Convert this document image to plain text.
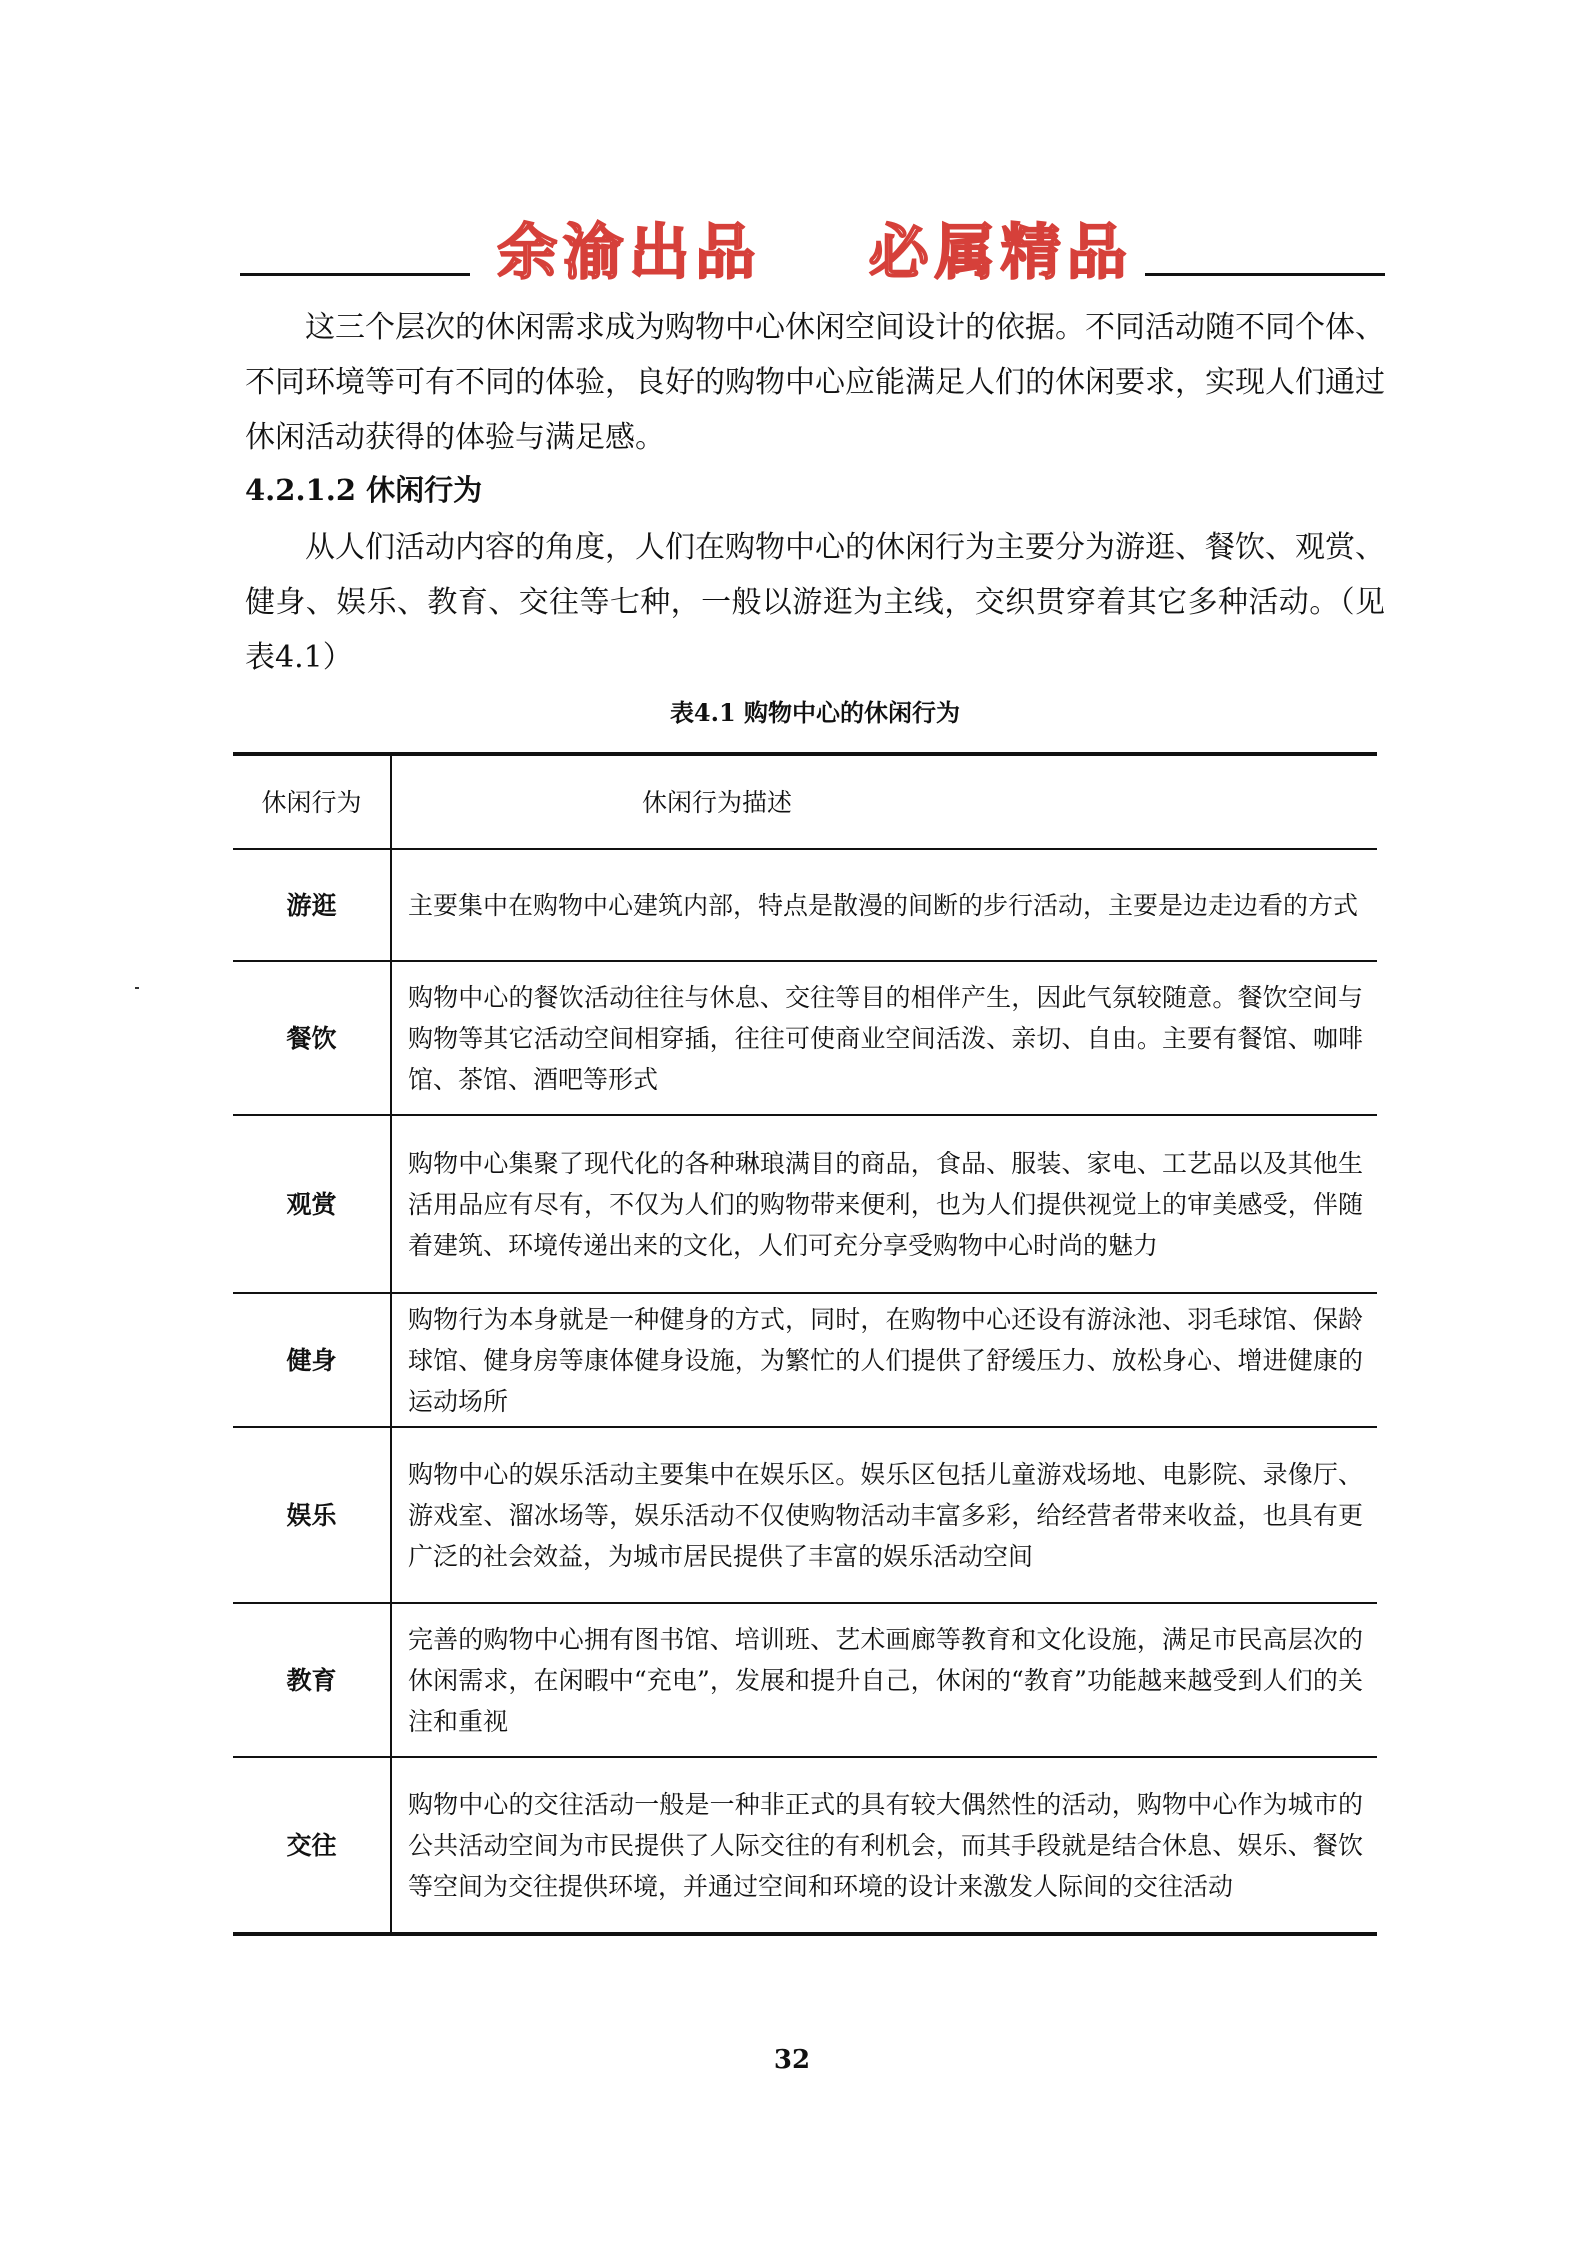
余渝出品    必属精品

这三个层次的休闲需求成为购物中心休闲空间设计的依据。不同活动随不同个体、不同环境等可有不同的体验，良好的购物中心应能满足人们的休闲要求，实现人们通过休闲活动获得的体验与满足感。

4.2.1.2 休闲行为

从人们活动内容的角度，人们在购物中心的休闲行为主要分为游逛、餐饮、观赏、健身、娱乐、教育、交往等七种，一般以游逛为主线，交织贯穿着其它多种活动。（见表4.1）

表4.1 购物中心的休闲行为
休闲行为	休闲行为描述
游逛	主要集中在购物中心建筑内部，特点是散漫的间断的步行活动，主要是边走边看的方式
餐饮	购物中心的餐饮活动往往与休息、交往等目的相伴产生，因此气氛较随意。餐饮空间与购物等其它活动空间相穿插，往往可使商业空间活泼、亲切、自由。主要有餐馆、咖啡馆、茶馆、酒吧等形式
观赏	购物中心集聚了现代化的各种琳琅满目的商品，食品、服装、家电、工艺品以及其他生活用品应有尽有，不仅为人们的购物带来便利，也为人们提供视觉上的审美感受，伴随着建筑、环境传递出来的文化，人们可充分享受购物中心时尚的魅力
健身	购物行为本身就是一种健身的方式，同时，在购物中心还设有游泳池、羽毛球馆、保龄球馆、健身房等康体健身设施，为繁忙的人们提供了舒缓压力、放松身心、增进健康的运动场所
娱乐	购物中心的娱乐活动主要集中在娱乐区。娱乐区包括儿童游戏场地、电影院、录像厅、游戏室、溜冰场等，娱乐活动不仅使购物活动丰富多彩，给经营者带来收益，也具有更广泛的社会效益，为城市居民提供了丰富的娱乐活动空间
教育	完善的购物中心拥有图书馆、培训班、艺术画廊等教育和文化设施，满足市民高层次的休闲需求，在闲暇中“充电”，发展和提升自己，休闲的“教育”功能越来越受到人们的关注和重视
交往	购物中心的交往活动一般是一种非正式的具有较大偶然性的活动，购物中心作为城市的公共活动空间为市民提供了人际交往的有利机会，而其手段就是结合休息、娱乐、餐饮等空间为交往提供环境，并通过空间和环境的设计来激发人际间的交往活动
32
